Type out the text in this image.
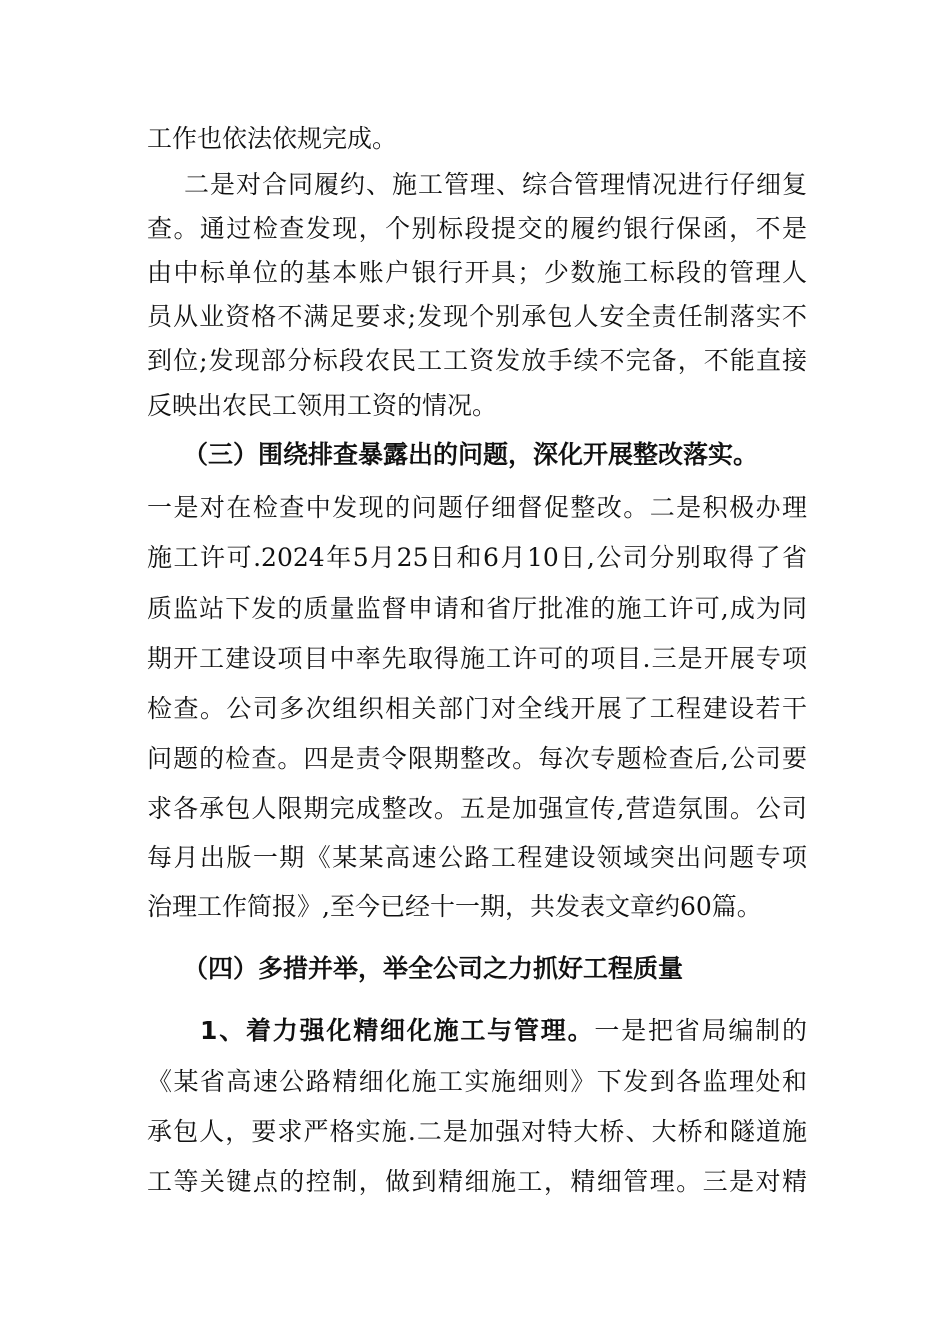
工作也依法依规完成。
二是对合同履约、施工管理、综合管理情况进行仔细复
查。通过检查发现，个别标段提交的履约银行保函，不是
由中标单位的基本账户银行开具；少数施工标段的管理人
员从业资格不满足要求;发现个别承包人安全责任制落实不
到位;发现部分标段农民工工资发放手续不完备，不能直接
反映出农民工领用工资的情况。
（三）围绕排查暴露出的问题，深化开展整改落实。
一是对在检查中发现的问题仔细督促整改。二是积极办理
施工许可.2024年5月25日和6月10日,公司分别取得了省
质监站下发的质量监督申请和省厅批准的施工许可,成为同
期开工建设项目中率先取得施工许可的项目.三是开展专项
检查。公司多次组织相关部门对全线开展了工程建设若干
问题的检查。四是责令限期整改。每次专题检查后,公司要
求各承包人限期完成整改。五是加强宣传,营造氛围。公司
每月出版一期《某某高速公路工程建设领域突出问题专项
治理工作简报》,至今已经十一期，共发表文章约60篇。
（四）多措并举，举全公司之力抓好工程质量
1、着力强化精细化施工与管理。一是把省局编制的
《某省高速公路精细化施工实施细则》下发到各监理处和
承包人，要求严格实施.二是加强对特大桥、大桥和隧道施
工等关键点的控制，做到精细施工，精细管理。三是对精
